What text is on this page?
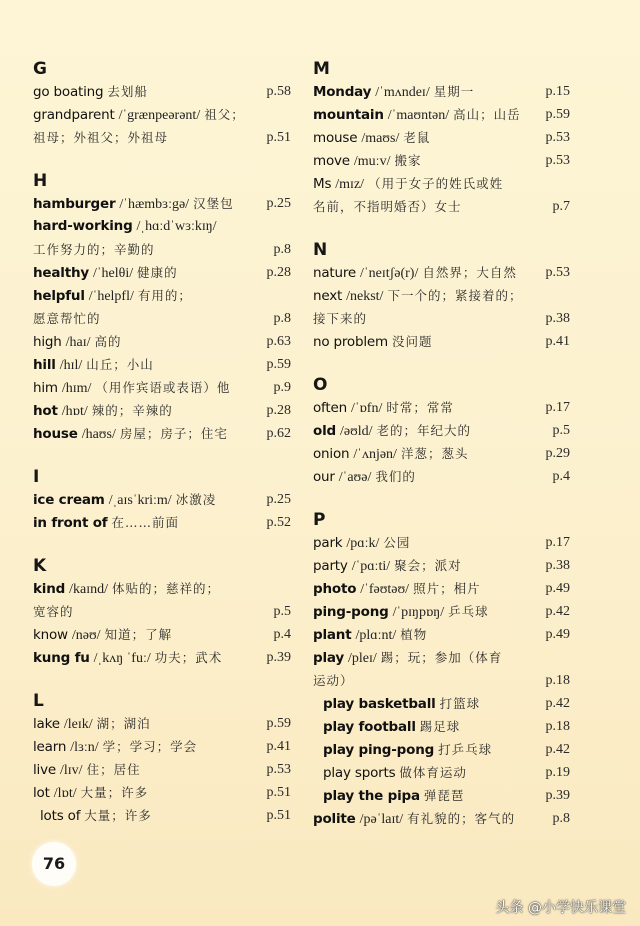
G
go boating 去划船	p.58
grandparent /ˈgrænpeərənt/ 祖父；
祖母；外祖父；外祖母	p.51
H
hamburger /ˈhæmbɜːgə/ 汉堡包 p.25
hard-working /ˌhɑːdˈwɜːkɪŋ/
工作努力的；辛勤的	p.8
healthy /ˈhelθi/ 健康的	p.28
helpful /ˈhelpfl/ 有用的；
愿意帮忙的	p.8
high /haɪ/ 高的	p.63
hill /hɪl/ 山丘；小山	p.59
him /hɪm/ （用作宾语或表语）他	p.9
hot /hɒt/ 辣的；辛辣的	p.28
house /haʊs/ 房屋；房子；住宅	p.62
I
ice cream /ˌaɪsˈkriːm/ 冰激凌	p.25
in front of 在……前面	p.52
K
kind /kaɪnd/ 体贴的；慈祥的；
宽容的	p.5
know /nəʊ/ 知道；了解	p.4
kung fu /ˌkʌŋ ˈfuː/ 功夫；武术	p.39
L
lake /leɪk/ 湖；湖泊	p.59
learn /lɜːn/ 学；学习；学会	p.41
live /lɪv/ 住；居住	p.53
lot /lɒt/ 大量；许多	p.51
lots of 大量；许多	p.51
M
Monday /ˈmʌndeɪ/ 星期一	p.15
mountain /ˈmaʊntən/ 高山；山岳 p.59
mouse /maʊs/ 老鼠	p.53
move /muːv/ 搬家	p.53
Ms /mɪz/ （用于女子的姓氏或姓
名前，不指明婚否）女士	p.7
N
nature /ˈneɪtʃə(r)/ 自然界；大自然 p.53
next /nekst/ 下一个的；紧接着的；
接下来的	p.38
no problem 没问题	p.41
O
often /ˈɒfn/ 时常；常常	p.17
old /əʊld/ 老的；年纪大的	p.5
onion /ˈʌnjən/ 洋葱；葱头	p.29
our /ˈaʊə/ 我们的	p.4
P
park /pɑːk/ 公园	p.17
party /ˈpɑːti/ 聚会；派对	p.38
photo /ˈfəʊtəʊ/ 照片；相片	p.49
ping-pong /ˈpɪŋpɒŋ/ 乒乓球	p.42
plant /plɑːnt/ 植物	p.49
play /pleɪ/ 踢；玩；参加（体育
运动）	p.18
play basketball 打篮球	p.42
play football 踢足球	p.18
play ping-pong 打乒乓球	p.42
play sports 做体育运动	p.19
play the pipa 弹琵琶	p.39
polite /pəˈlaɪt/ 有礼貌的；客气的	p.8
76
头条 @小学快乐课堂
